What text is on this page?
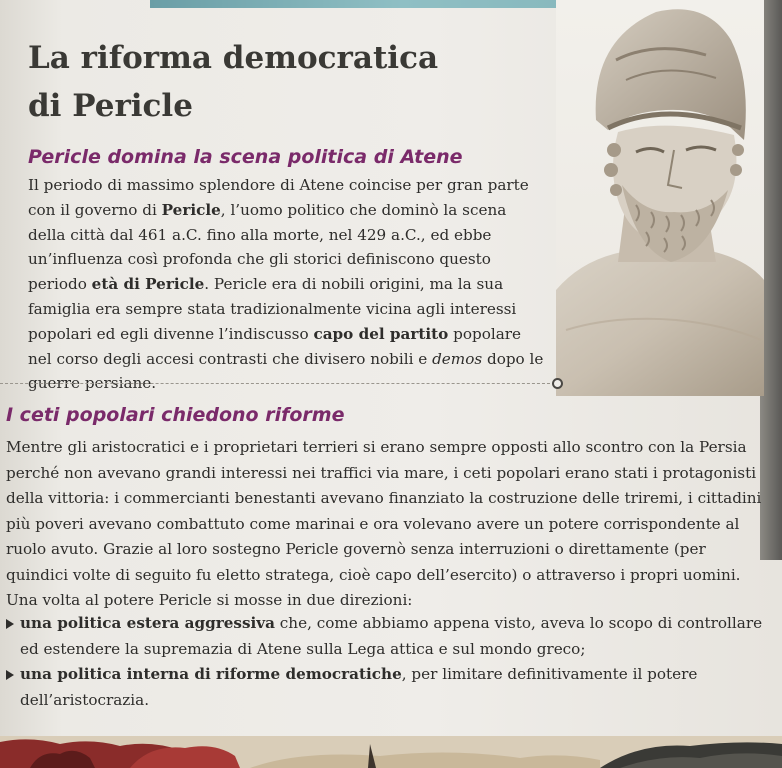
La riforma democratica
di Pericle
Pericle domina la scena politica di Atene

Il periodo di massimo splendore di Atene coincise per gran parte con il governo di Pericle, l’uomo politico che dominò la scena della città dal 461 a.C. fino alla morte, nel 429 a.C., ed ebbe un’influenza così profonda che gli storici definiscono questo periodo età di Pericle. Pericle era di nobili origini, ma la sua famiglia era sempre stata tradizionalmente vicina agli interessi popolari ed egli divenne l’indiscusso capo del partito popolare nel corso degli accesi contrasti che divisero nobili e demos dopo le guerre persiane.

I ceti popolari chiedono riforme

Mentre gli aristocratici e i proprietari terrieri si erano sempre opposti allo scontro con la Persia perché non avevano grandi interessi nei traffici via mare, i ceti popolari erano stati i protagonisti della vittoria: i commercianti benestanti avevano finanziato la costruzione delle triremi, i cittadini più poveri avevano combattuto come marinai e ora volevano avere un potere corrispondente al ruolo avuto. Grazie al loro sostegno Pericle governò senza interruzioni o direttamente (per quindici volte di seguito fu eletto stratega, cioè capo dell’esercito) o attraverso i propri uomini. Una volta al potere Pericle si mosse in due direzioni:

una politica estera aggressiva che, come abbiamo appena visto, aveva lo scopo di controllare ed estendere la supremazia di Atene sulla Lega attica e sul mondo greco;
una politica interna di riforme democratiche, per limitare definitivamente il potere dell’aristocrazia.
